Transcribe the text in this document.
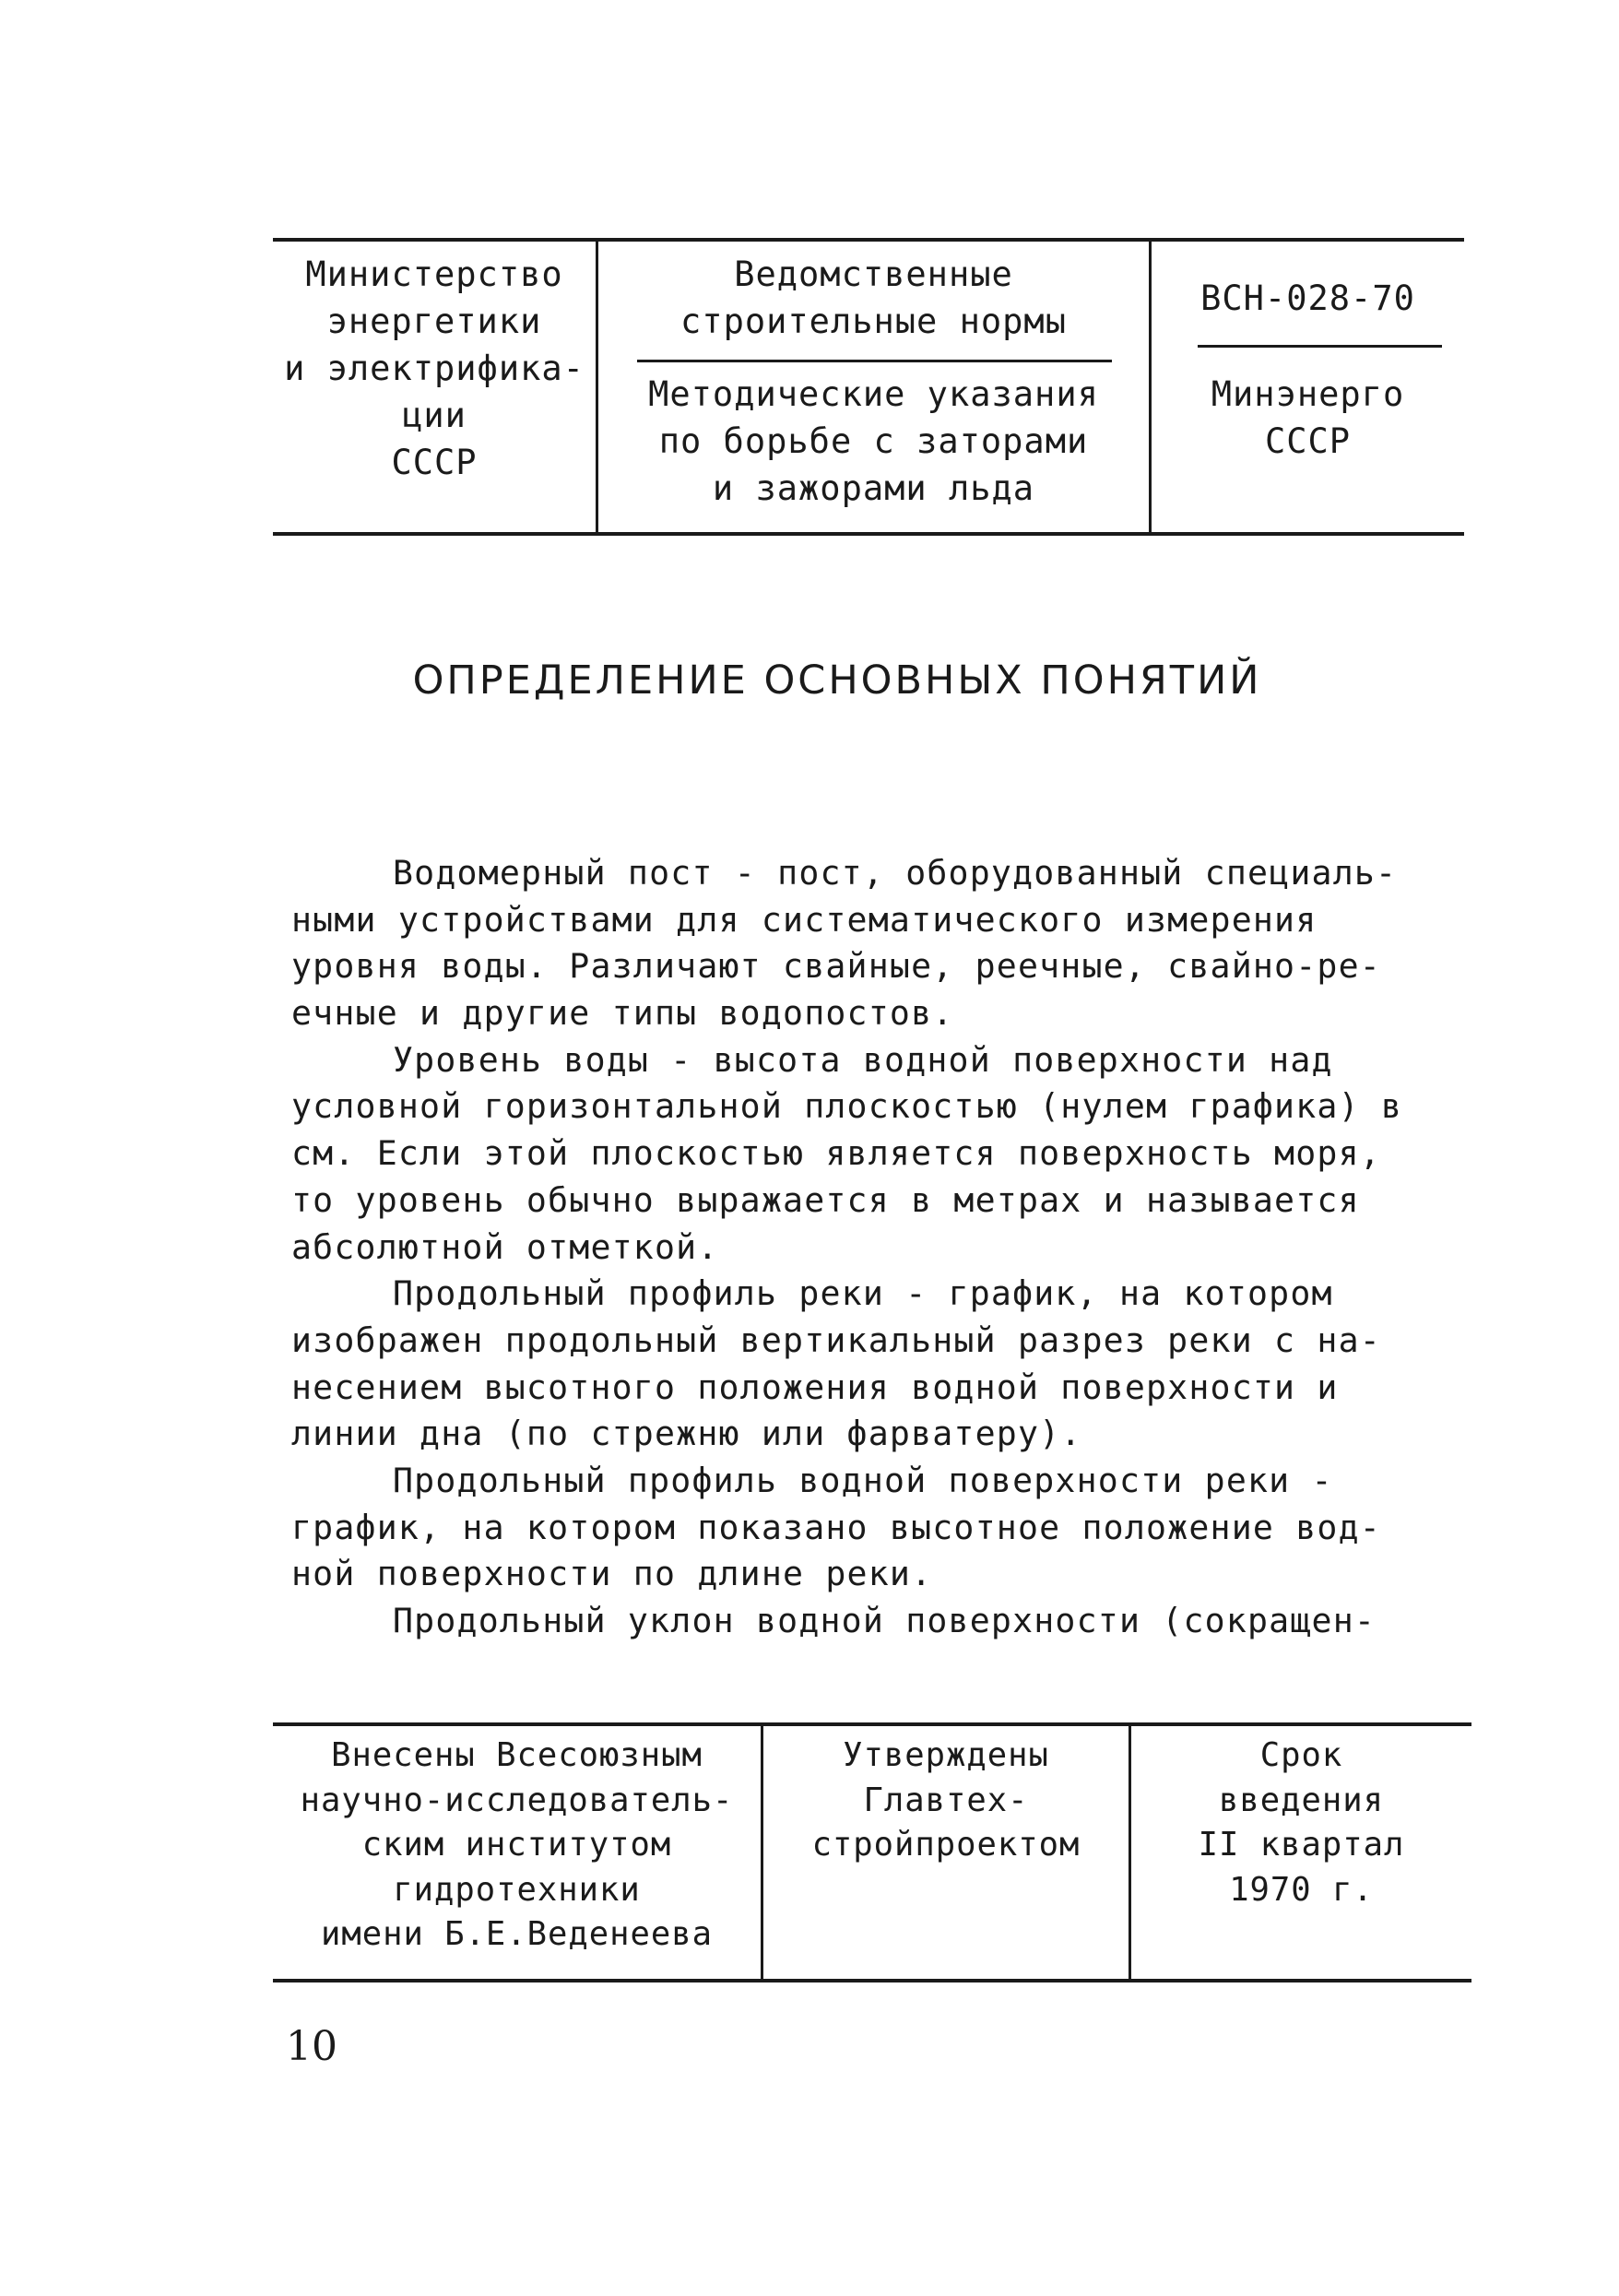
Министерство
энергетики
и электрифика-
ции
СССР
Ведомственные
строительные нормы
Методические указания
по борьбе с заторами
и зажорами льда
ВСН-028-70
Минэнерго
СССР
ОПРЕДЕЛЕНИЕ ОСНОВНЫХ ПОНЯТИЙ
Водомерный пост - пост, оборудованный специаль-
ными устройствами для систематического измерения
уровня воды. Различают свайные, реечные, свайно-ре-
ечные и другие типы водопостов.
Уровень воды - высота водной поверхности над
условной горизонтальной плоскостью (нулем графика) в
см. Если этой плоскостью является поверхность моря,
то уровень обычно выражается в метрах и называется
абсолютной отметкой.
Продольный профиль реки - график, на котором
изображен продольный вертикальный разрез реки с на-
несением высотного положения водной поверхности и
линии дна (по стрежню или фарватеру).
Продольный профиль водной поверхности реки -
график, на котором показано высотное положение вод-
ной поверхности по длине реки.
Продольный уклон водной поверхности (сокращен-
Внесены Всесоюзным
научно-исследователь-
ским институтом
гидротехники
имени Б.Е.Веденеева
Утверждены
Главтех-
стройпроектом
Срок
введения
II квартал
1970 г.
10
